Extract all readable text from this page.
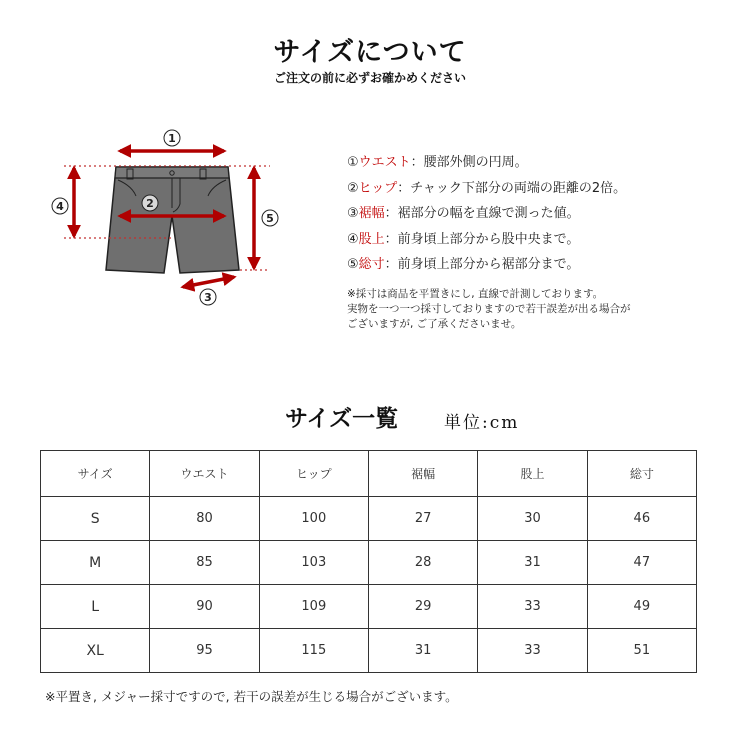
サイズについて
ご注文の前に必ずお確かめください
1
2
3
4
5
①ウエスト：腰部外側の円周。
②ヒップ：チャック下部分の両端の距離の2倍。
③裾幅：裾部分の幅を直線で測った値。
④股上：前身頃上部分から股中央まで。
⑤総寸：前身頃上部分から裾部分まで。
※採寸は商品を平置きにし, 直線で計測しております。
実物を一つ一つ採寸しておりますので若干誤差が出る場合が
ございますが, ご了承くださいませ。
サイズ一覧	単位:cm
サイズ	ウエスト	ヒップ	裾幅	股上	総寸
S	80	100	27	30	46
M	85	103	28	31	47
L	90	109	29	33	49
XL	95	115	31	33	51
※平置き, メジャー採寸ですので, 若干の誤差が生じる場合がございます。
